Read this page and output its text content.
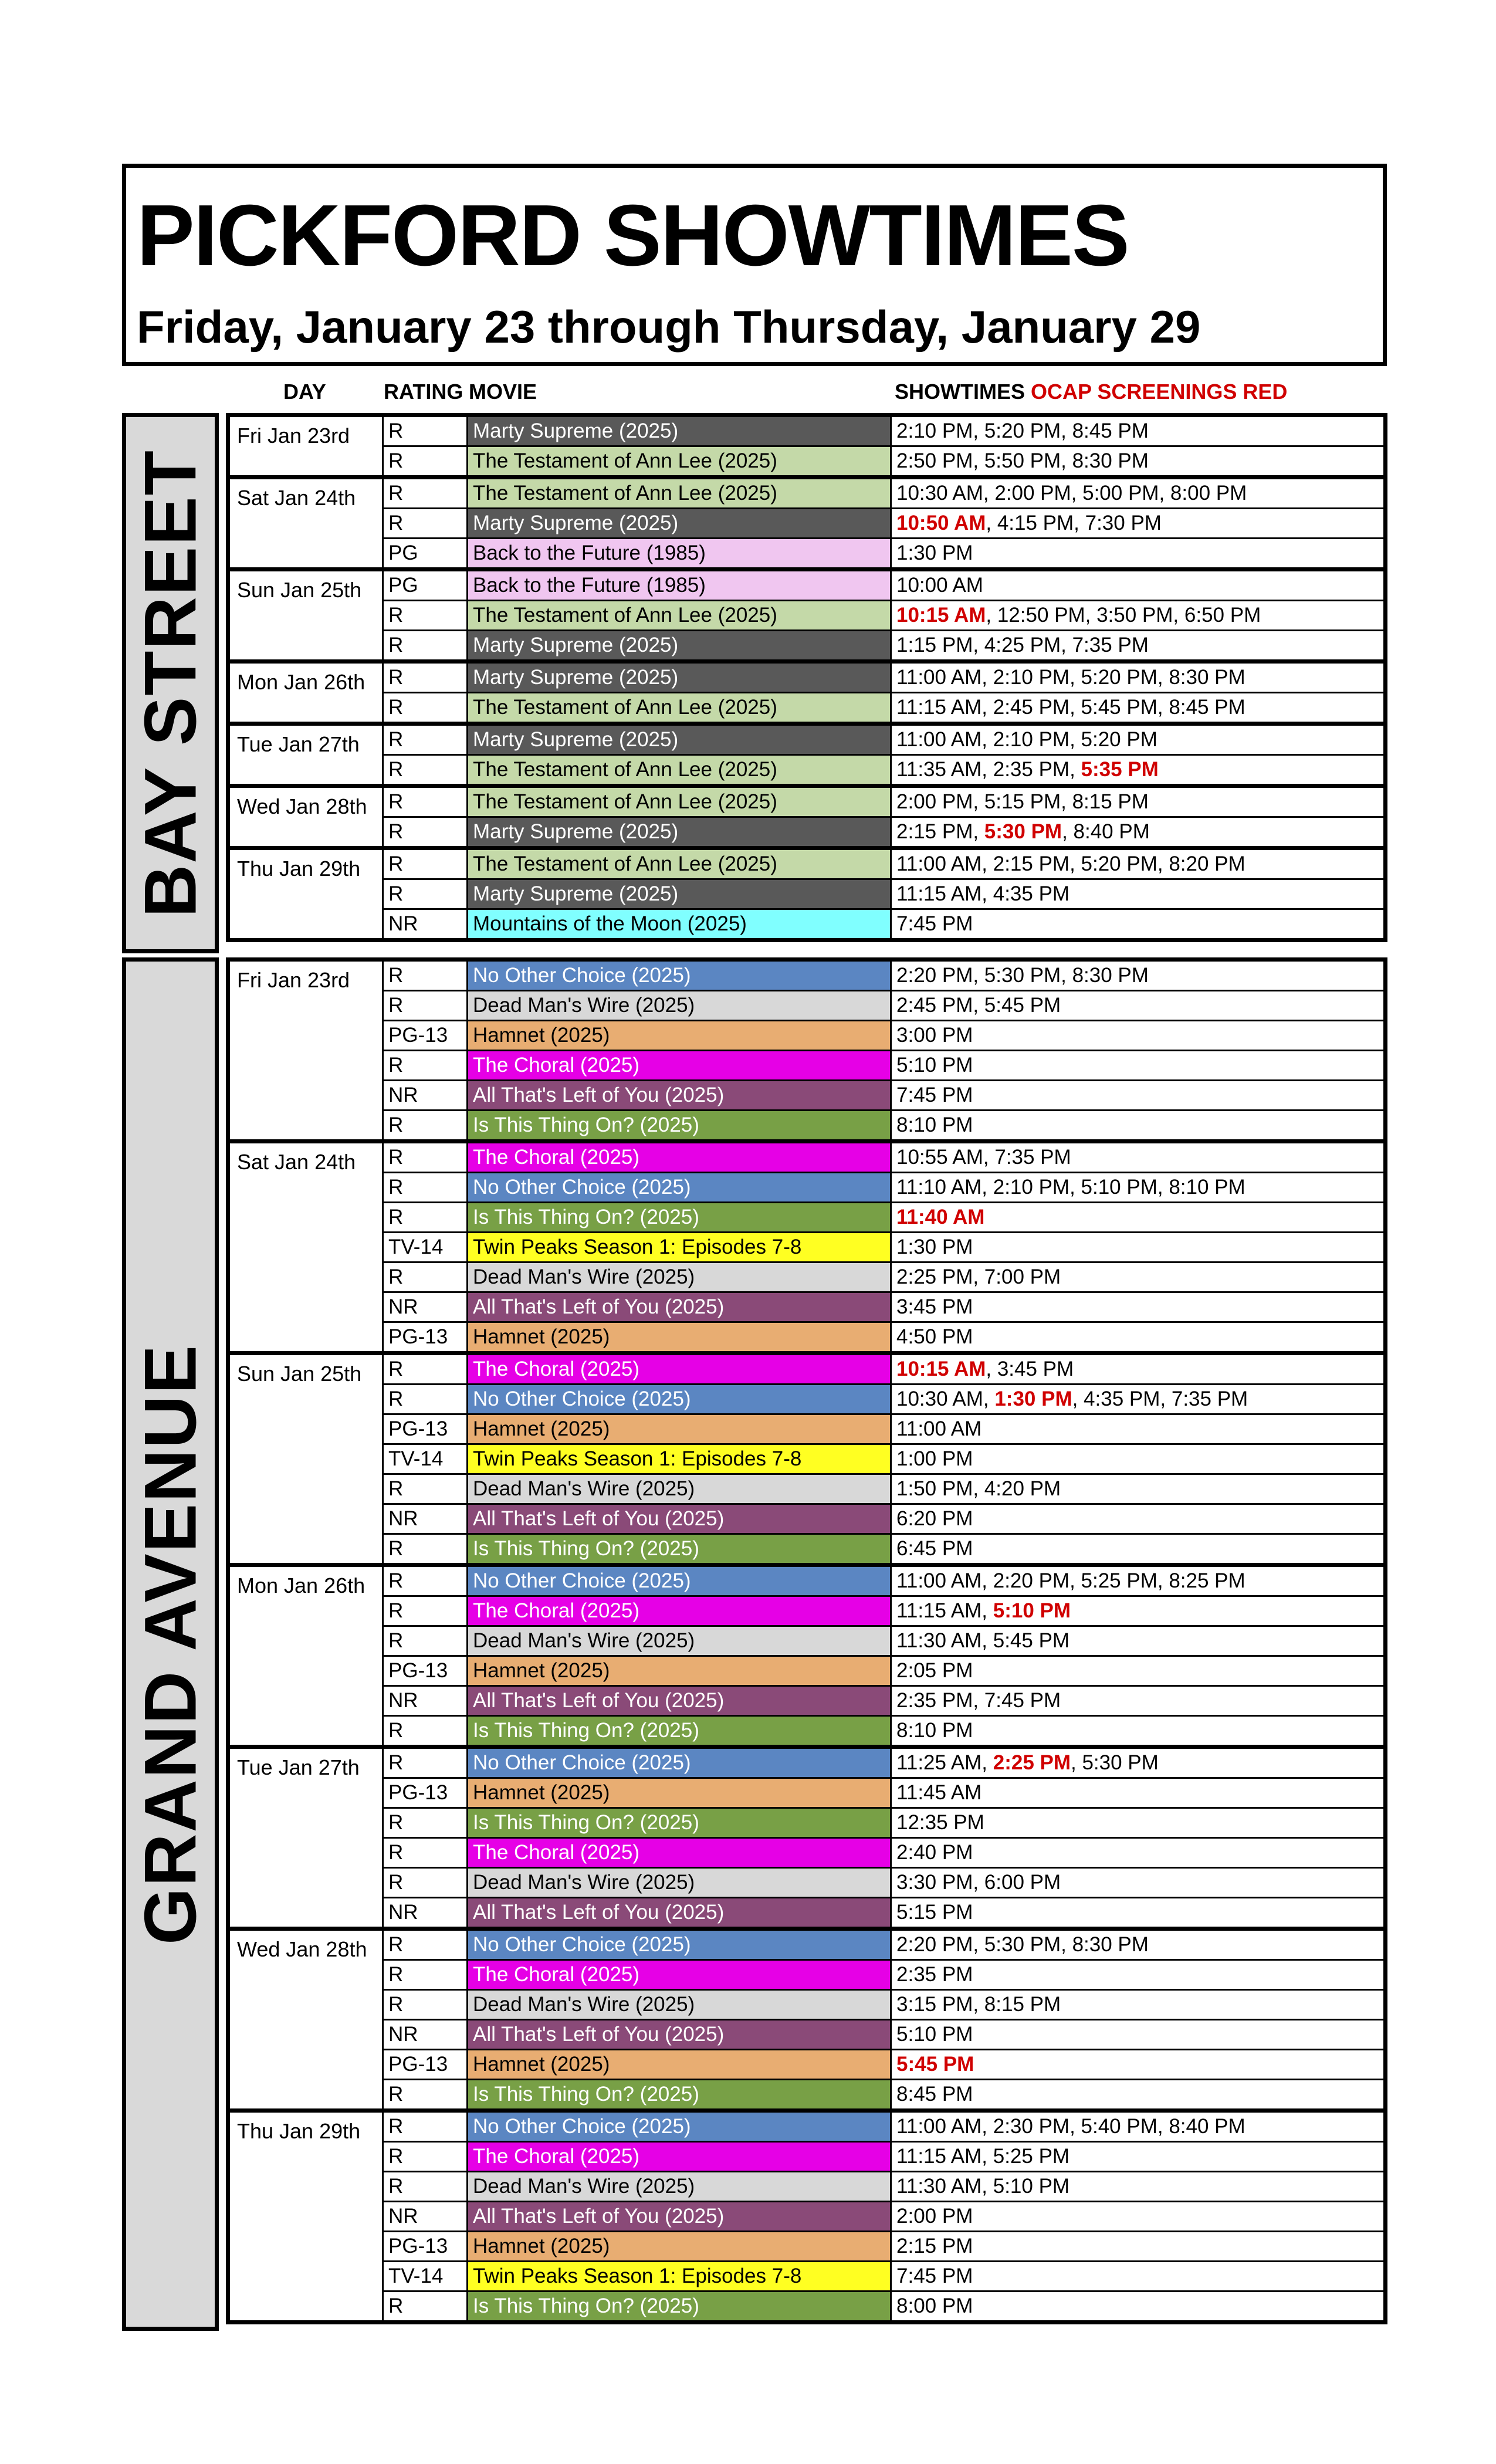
PICKFORD SHOWTIMES
Friday, January 23 through Thursday, January 29
DAY	RATING MOVIE	SHOWTIMES OCAP SCREENINGS RED
BAY STREET
Fri Jan 23rd	R	Marty Supreme (2025)	2:10 PM, 5:20 PM, 8:45 PM
R	The Testament of Ann Lee (2025)	2:50 PM, 5:50 PM, 8:30 PM
Sat Jan 24th	R	The Testament of Ann Lee (2025)	10:30 AM, 2:00 PM, 5:00 PM, 8:00 PM
R	Marty Supreme (2025)	10:50 AM, 4:15 PM, 7:30 PM
PG	Back to the Future (1985)	1:30 PM
Sun Jan 25th	PG	Back to the Future (1985)	10:00 AM
R	The Testament of Ann Lee (2025)	10:15 AM, 12:50 PM, 3:50 PM, 6:50 PM
R	Marty Supreme (2025)	1:15 PM, 4:25 PM, 7:35 PM
Mon Jan 26th	R	Marty Supreme (2025)	11:00 AM, 2:10 PM, 5:20 PM, 8:30 PM
R	The Testament of Ann Lee (2025)	11:15 AM, 2:45 PM, 5:45 PM, 8:45 PM
Tue Jan 27th	R	Marty Supreme (2025)	11:00 AM, 2:10 PM, 5:20 PM
R	The Testament of Ann Lee (2025)	11:35 AM, 2:35 PM, 5:35 PM
Wed Jan 28th	R	The Testament of Ann Lee (2025)	2:00 PM, 5:15 PM, 8:15 PM
R	Marty Supreme (2025)	2:15 PM, 5:30 PM, 8:40 PM
Thu Jan 29th	R	The Testament of Ann Lee (2025)	11:00 AM, 2:15 PM, 5:20 PM, 8:20 PM
R	Marty Supreme (2025)	11:15 AM, 4:35 PM
NR	Mountains of the Moon (2025)	7:45 PM
GRAND AVENUE
Fri Jan 23rd	R	No Other Choice (2025)	2:20 PM, 5:30 PM, 8:30 PM
R	Dead Man's Wire (2025)	2:45 PM, 5:45 PM
PG-13	Hamnet (2025)	3:00 PM
R	The Choral (2025)	5:10 PM
NR	All That's Left of You (2025)	7:45 PM
R	Is This Thing On? (2025)	8:10 PM
Sat Jan 24th	R	The Choral (2025)	10:55 AM, 7:35 PM
R	No Other Choice (2025)	11:10 AM, 2:10 PM, 5:10 PM, 8:10 PM
R	Is This Thing On? (2025)	11:40 AM
TV-14	Twin Peaks Season 1: Episodes 7-8	1:30 PM
R	Dead Man's Wire (2025)	2:25 PM, 7:00 PM
NR	All That's Left of You (2025)	3:45 PM
PG-13	Hamnet (2025)	4:50 PM
Sun Jan 25th	R	The Choral (2025)	10:15 AM, 3:45 PM
R	No Other Choice (2025)	10:30 AM, 1:30 PM, 4:35 PM, 7:35 PM
PG-13	Hamnet (2025)	11:00 AM
TV-14	Twin Peaks Season 1: Episodes 7-8	1:00 PM
R	Dead Man's Wire (2025)	1:50 PM, 4:20 PM
NR	All That's Left of You (2025)	6:20 PM
R	Is This Thing On? (2025)	6:45 PM
Mon Jan 26th	R	No Other Choice (2025)	11:00 AM, 2:20 PM, 5:25 PM, 8:25 PM
R	The Choral (2025)	11:15 AM, 5:10 PM
R	Dead Man's Wire (2025)	11:30 AM, 5:45 PM
PG-13	Hamnet (2025)	2:05 PM
NR	All That's Left of You (2025)	2:35 PM, 7:45 PM
R	Is This Thing On? (2025)	8:10 PM
Tue Jan 27th	R	No Other Choice (2025)	11:25 AM, 2:25 PM, 5:30 PM
PG-13	Hamnet (2025)	11:45 AM
R	Is This Thing On? (2025)	12:35 PM
R	The Choral (2025)	2:40 PM
R	Dead Man's Wire (2025)	3:30 PM, 6:00 PM
NR	All That's Left of You (2025)	5:15 PM
Wed Jan 28th	R	No Other Choice (2025)	2:20 PM, 5:30 PM, 8:30 PM
R	The Choral (2025)	2:35 PM
R	Dead Man's Wire (2025)	3:15 PM, 8:15 PM
NR	All That's Left of You (2025)	5:10 PM
PG-13	Hamnet (2025)	5:45 PM
R	Is This Thing On? (2025)	8:45 PM
Thu Jan 29th	R	No Other Choice (2025)	11:00 AM, 2:30 PM, 5:40 PM, 8:40 PM
R	The Choral (2025)	11:15 AM, 5:25 PM
R	Dead Man's Wire (2025)	11:30 AM, 5:10 PM
NR	All That's Left of You (2025)	2:00 PM
PG-13	Hamnet (2025)	2:15 PM
TV-14	Twin Peaks Season 1: Episodes 7-8	7:45 PM
R	Is This Thing On? (2025)	8:00 PM
